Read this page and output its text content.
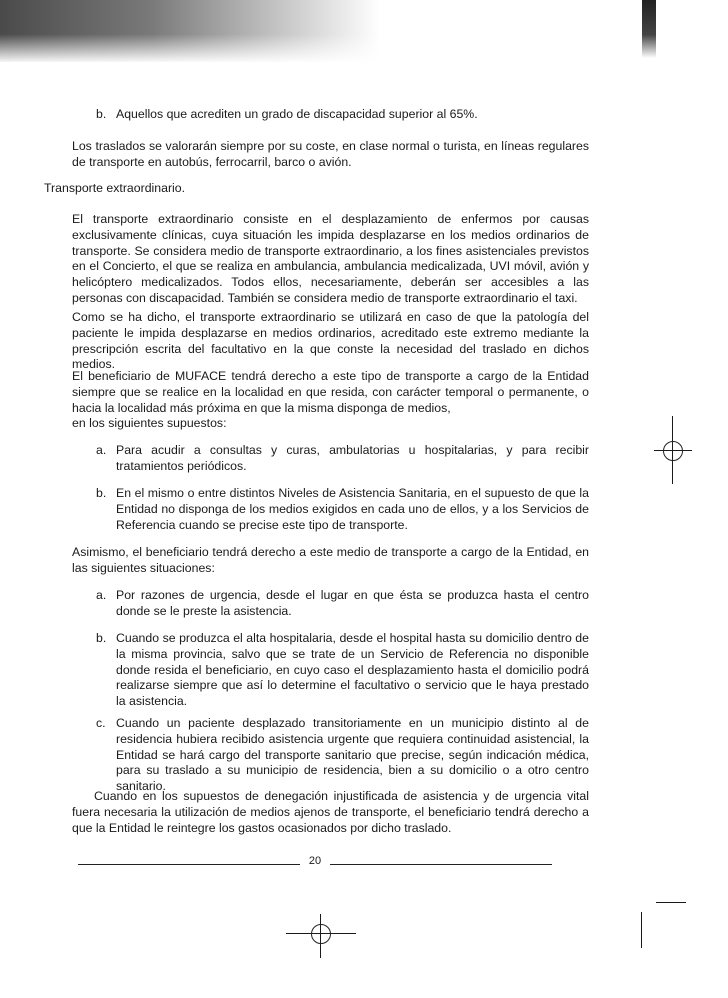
b. Aquellos que acrediten un grado de discapacidad superior al 65%.

Los traslados se valorarán siempre por su coste, en clase normal o turista, en líneas regulares de transporte en autobús, ferrocarril, barco o avión.

Transporte extraordinario.

El transporte extraordinario consiste en el desplazamiento de enfermos por causas exclusivamente clínicas, cuya situación les impida desplazarse en los medios ordinarios de transporte. Se considera medio de transporte extraordinario, a los fines asistenciales previstos en el Concierto, el que se realiza en ambulancia, ambulancia medicalizada, UVI móvil, avión y helicóptero medicalizados. Todos ellos, necesariamente, deberán ser accesibles a las personas con discapacidad. También se considera medio de transporte extraordinario el taxi.

Como se ha dicho, el transporte extraordinario se utilizará en caso de que la patología del paciente le impida desplazarse en medios ordinarios, acreditado este extremo mediante la prescripción escrita del facultativo en la que conste la necesidad del traslado en dichos medios.

El beneficiario de MUFACE tendrá derecho a este tipo de transporte a cargo de la Entidad siempre que se realice en la localidad en que resida, con carácter temporal o permanente, o hacia la localidad más próxima en que la misma disponga de medios,
en los siguientes supuestos:

a. Para acudir a consultas y curas, ambulatorias u hospitalarias, y para recibir tratamientos periódicos.
b. En el mismo o entre distintos Niveles de Asistencia Sanitaria, en el supuesto de que la Entidad no disponga de los medios exigidos en cada uno de ellos, y a los Servicios de Referencia cuando se precise este tipo de transporte.

Asimismo, el beneficiario tendrá derecho a este medio de transporte a cargo de la Entidad, en las siguientes situaciones:

a. Por razones de urgencia, desde el lugar en que ésta se produzca hasta el centro donde se le preste la asistencia.
b. Cuando se produzca el alta hospitalaria, desde el hospital hasta su domicilio dentro de la misma provincia, salvo que se trate de un Servicio de Referencia no disponible donde resida el beneficiario, en cuyo caso el desplazamiento hasta el domicilio podrá realizarse siempre que así lo determine el facultativo o servicio que le haya prestado la asistencia.
c. Cuando un paciente desplazado transitoriamente en un municipio distinto al de residencia hubiera recibido asistencia urgente que requiera continuidad asistencial, la Entidad se hará cargo del transporte sanitario que precise, según indicación médica, para su traslado a su municipio de residencia, bien a su domicilio o a otro centro sanitario.

Cuando en los supuestos de denegación injustificada de asistencia y de urgencia vital fuera necesaria la utilización de medios ajenos de transporte, el beneficiario tendrá derecho a que la Entidad le reintegre los gastos ocasionados por dicho traslado.

20
